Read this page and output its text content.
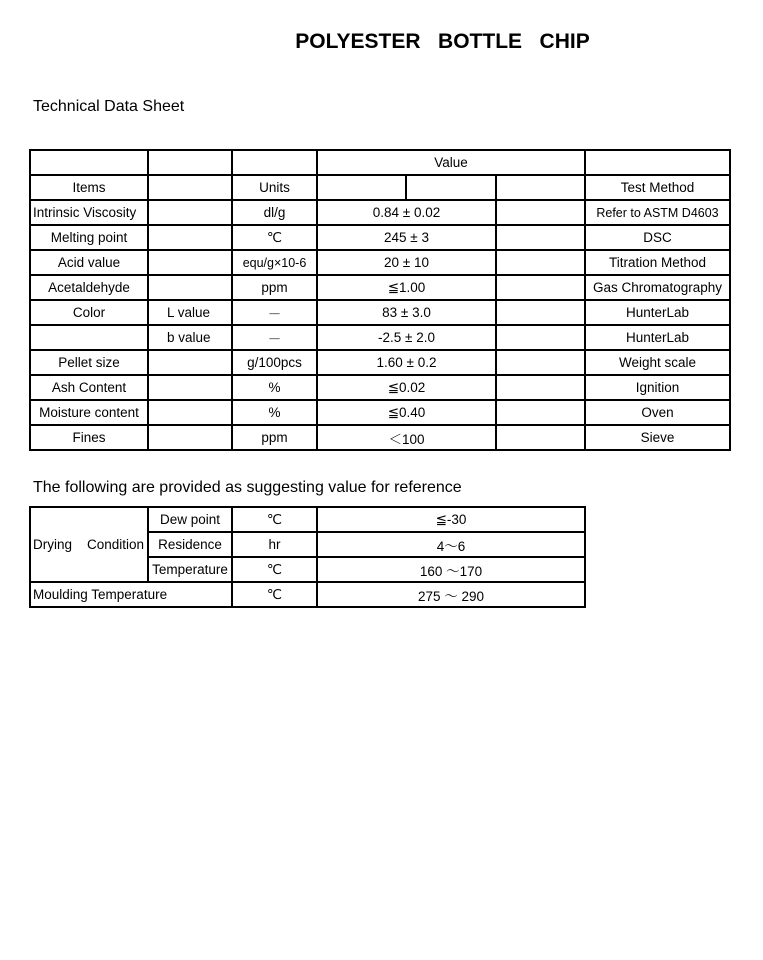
POLYESTER   BOTTLE   CHIP
Technical Data Sheet
			Value			
Items		Units				Test Method
Intrinsic Viscosity		dl/g	0.84 ± 0.02			Refer to ASTM D4603
Melting point		℃	245 ± 3			DSC
Acid value		equ/g×10-6	20 ± 10			Titration Method
Acetaldehyde		ppm	≦1.00			Gas Chromatography
Color	L value	－	83 ± 3.0			HunterLab
	b value	－	-2.5 ± 2.0			HunterLab
Pellet size		g/100pcs	1.60 ± 0.2			Weight scale
Ash Content		%	≦0.02			Ignition
Moisture content		%	≦0.40			Oven
Fines		ppm	＜100			Sieve
The following are provided as suggesting value for reference
Drying    Condition	Dew point	℃	≦-30
	Residence	hr	4～6
	Temperature	℃	160 ～170
Moulding Temperature		℃	275 ～ 290
